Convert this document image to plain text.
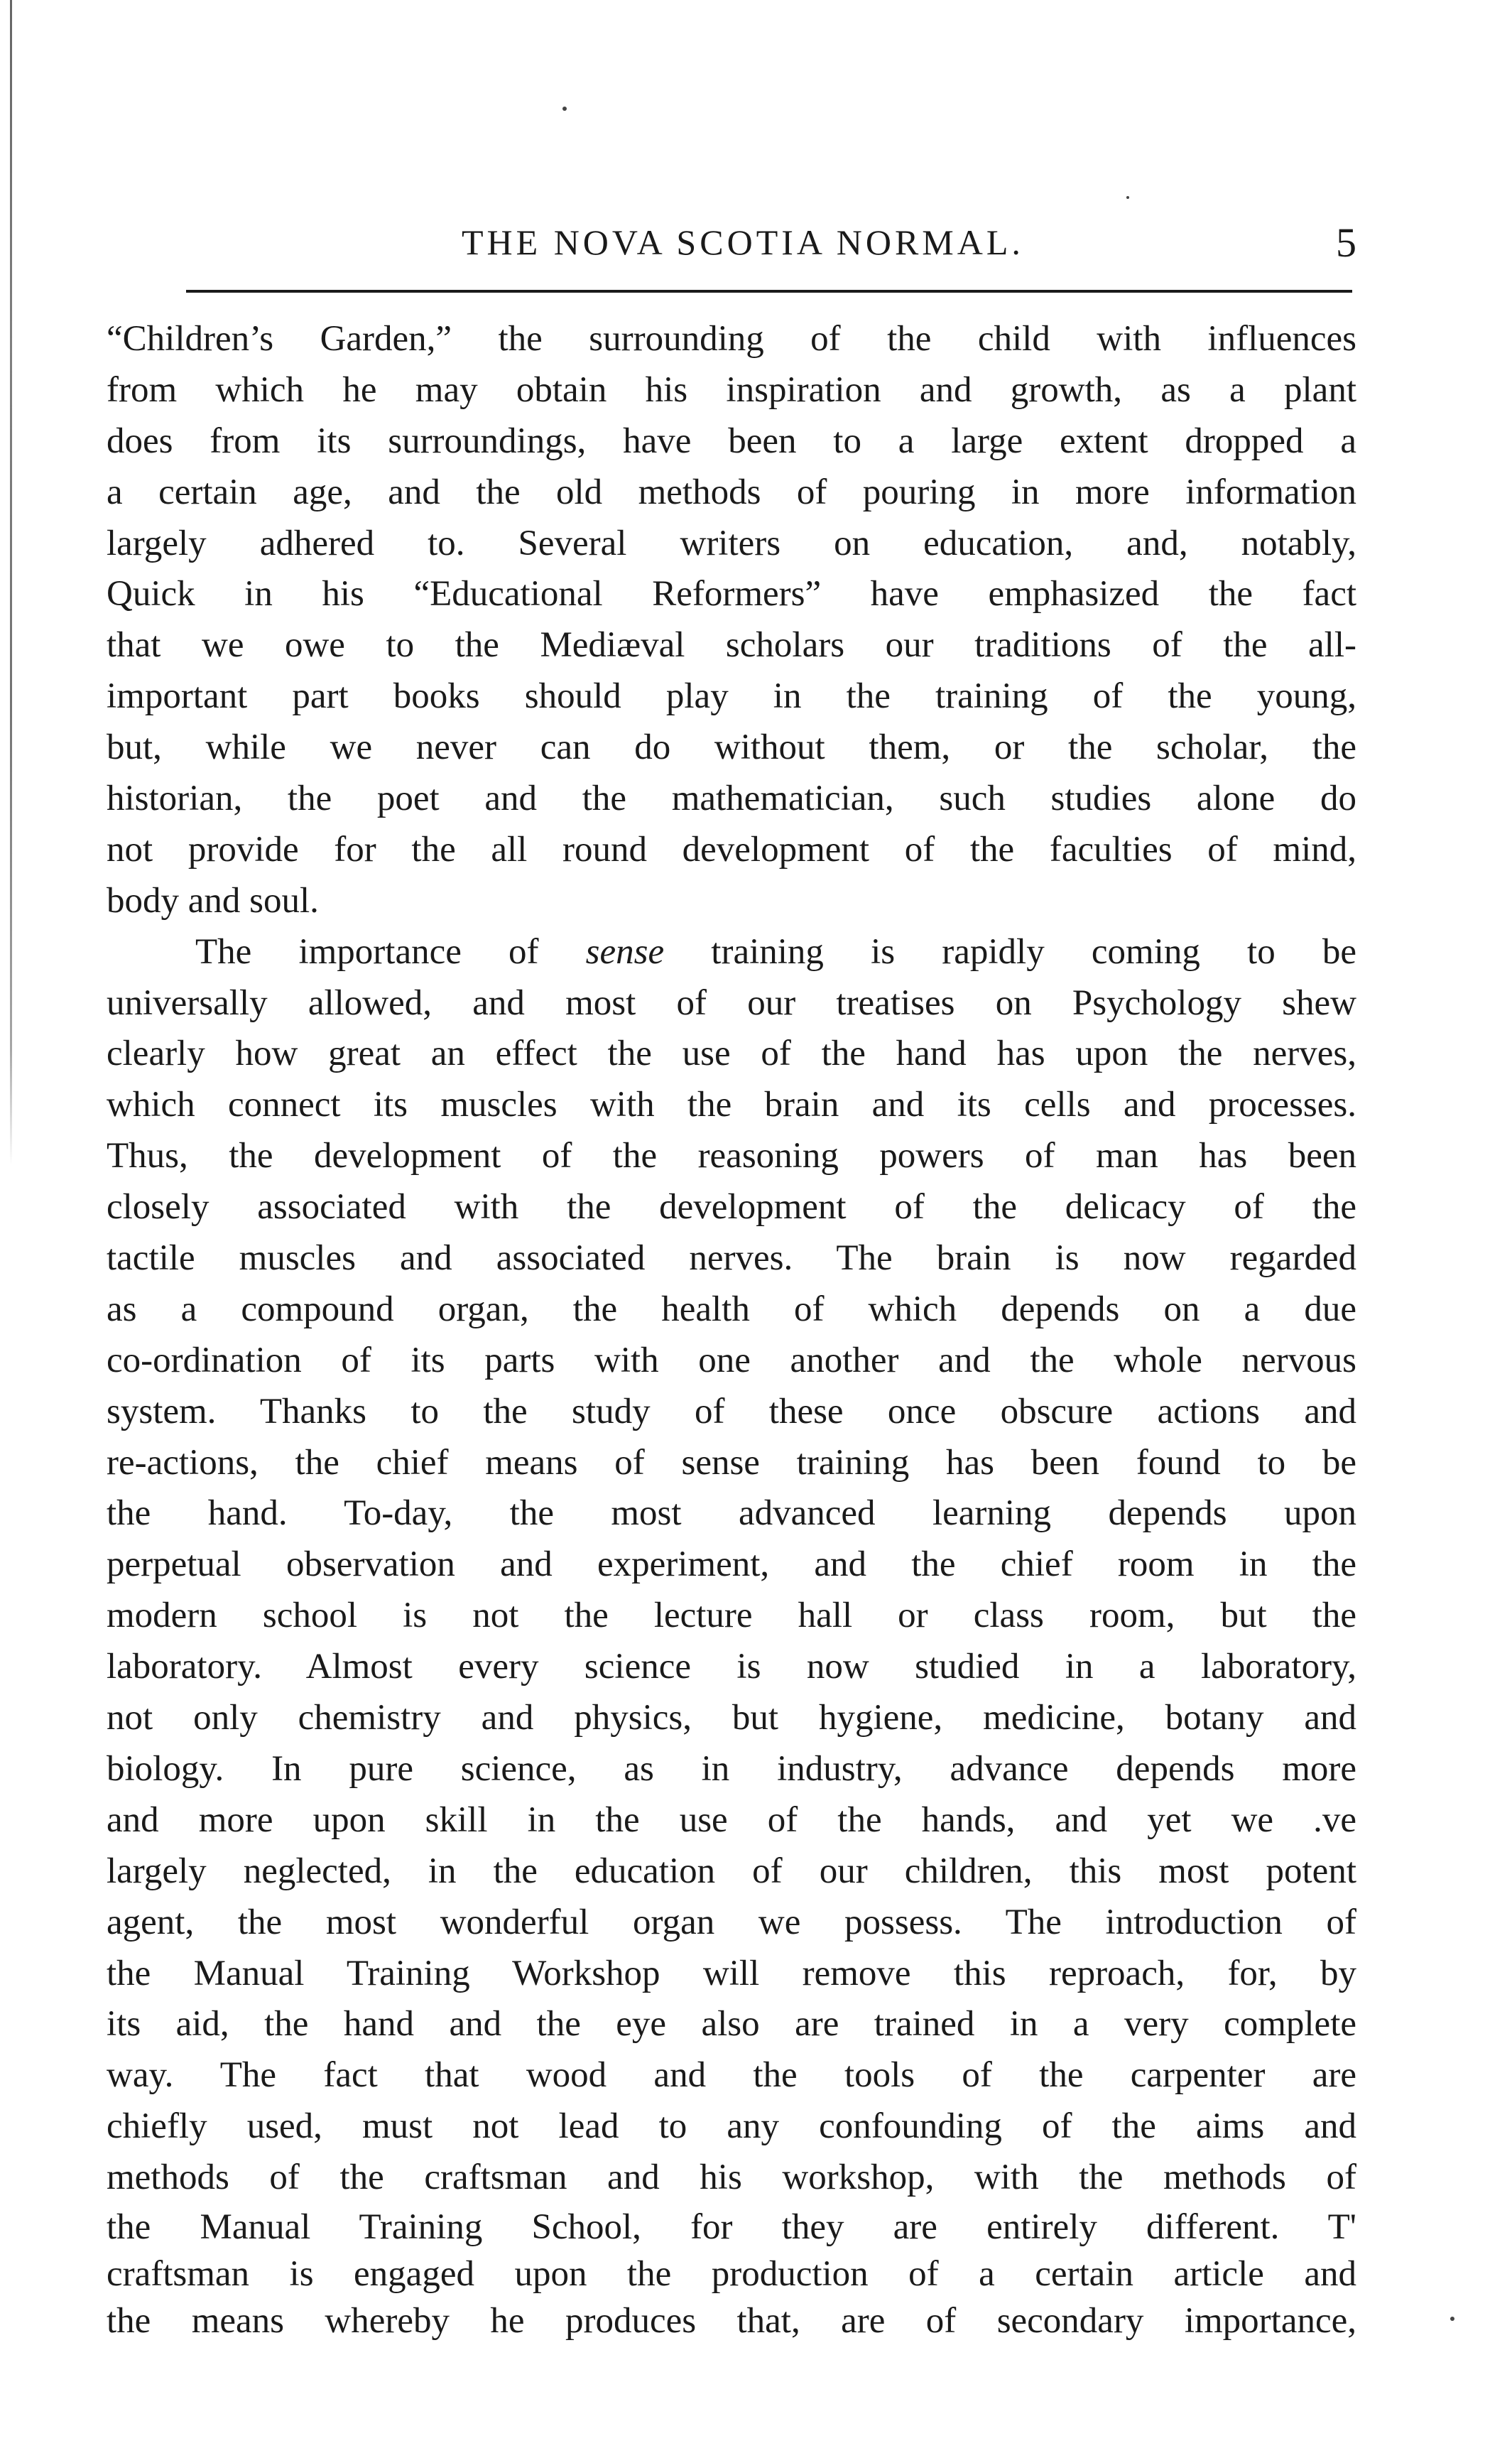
THE NOVA SCOTIA NORMAL.	5
“Children’s Garden,” the surrounding of the child with influences
from which he may obtain his inspiration and growth, as a plant
does from its surroundings, have been to a large extent dropped a
a certain age, and the old methods of pouring in more information
largely adhered to. Several writers on education, and, notably,
Quick in his “Educational Reformers” have emphasized the fact
that we owe to the Mediæval scholars our traditions of the all-
important part books should play in the training of the young,
but, while we never can do without them, or the scholar, the
historian, the poet and the mathematician, such studies alone do
not provide for the all round development of the faculties of mind,
body and soul.
The importance of sense training is rapidly coming to be
universally allowed, and most of our treatises on Psychology shew
clearly how great an effect the use of the hand has upon the nerves,
which connect its muscles with the brain and its cells and processes.
Thus, the development of the reasoning powers of man has been
closely associated with the development of the delicacy of the
tactile muscles and associated nerves. The brain is now regarded
as a compound organ, the health of which depends on a due
co-ordination of its parts with one another and the whole nervous
system. Thanks to the study of these once obscure actions and
re-actions, the chief means of sense training has been found to be
the hand. To-day, the most advanced learning depends upon
perpetual observation and experiment, and the chief room in the
modern school is not the lecture hall or class room, but the
laboratory. Almost every science is now studied in a laboratory,
not only chemistry and physics, but hygiene, medicine, botany and
biology. In pure science, as in industry, advance depends more
and more upon skill in the use of the hands, and yet we .ve
largely neglected, in the education of our children, this most potent
agent, the most wonderful organ we possess. The introduction of
the Manual Training Workshop will remove this reproach, for, by
its aid, the hand and the eye also are trained in a very complete
way. The fact that wood and the tools of the carpenter are
chiefly used, must not lead to any confounding of the aims and
methods of the craftsman and his workshop, with the methods of
the Manual Training School, for they are entirely different. T'
craftsman is engaged upon the production of a certain article and
the means whereby he produces that, are of secondary importance,
